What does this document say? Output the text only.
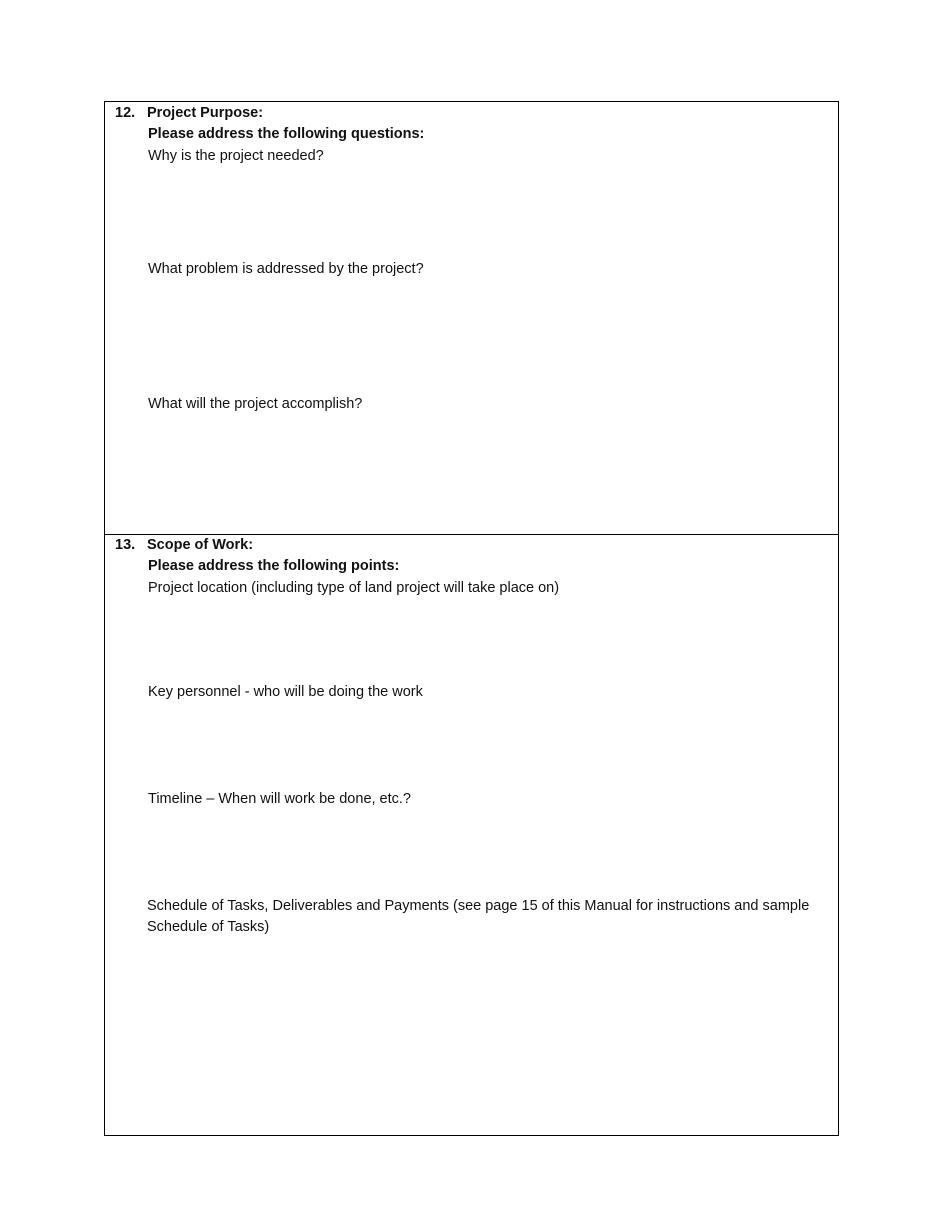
12. Project Purpose:
Please address the following questions:
Why is the project needed?
What problem is addressed by the project?
What will the project accomplish?
13. Scope of Work:
Please address the following points:
Project location (including type of land project will take place on)
Key personnel - who will be doing the work
Timeline – When will work be done, etc.?
Schedule of Tasks, Deliverables and Payments (see page 15 of this Manual for instructions and sample Schedule of Tasks)
